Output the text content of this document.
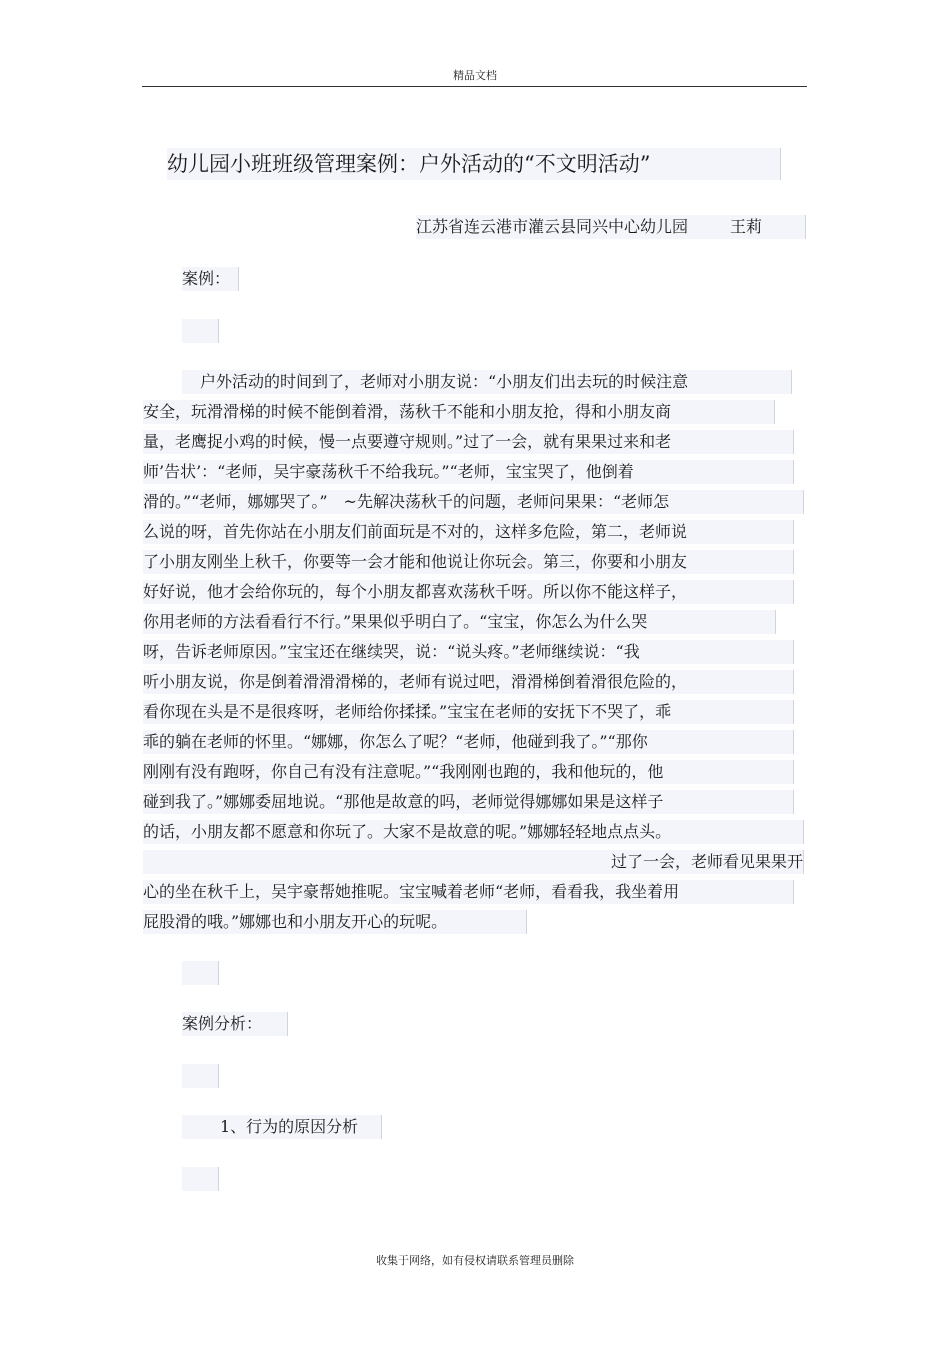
精品文档
幼儿园小班班级管理案例：户外活动的“不文明活动”
江苏省连云港市灌云县同兴中心幼儿园	王莉
案例：
户外活动的时间到了，老师对小朋友说：“小朋友们出去玩的时候注意
安全，玩滑滑梯的时候不能倒着滑，荡秋千不能和小朋友抢，得和小朋友商
量，老鹰捉小鸡的时候，慢一点要遵守规则。”过了一会，就有果果过来和老
师’告状’：“老师，吴宇豪荡秋千不给我玩。”“老师，宝宝哭了，他倒着
滑的。”“老师，娜娜哭了。”　~先解决荡秋千的问题，老师问果果：“老师怎
么说的呀，首先你站在小朋友们前面玩是不对的，这样多危险，第二，老师说
了小朋友刚坐上秋千，你要等一会才能和他说让你玩会。第三，你要和小朋友
好好说，他才会给你玩的，每个小朋友都喜欢荡秋千呀。所以你不能这样子，
你用老师的方法看看行不行。”果果似乎明白了。“宝宝，你怎么为什么哭
呀，告诉老师原因。”宝宝还在继续哭，说：“说头疼。”老师继续说：“我
听小朋友说，你是倒着滑滑滑梯的，老师有说过吧，滑滑梯倒着滑很危险的，
看你现在头是不是很疼呀，老师给你揉揉。”宝宝在老师的安抚下不哭了，乖
乖的躺在老师的怀里。“娜娜，你怎么了呢？“老师，他碰到我了。”“那你
刚刚有没有跑呀，你自己有没有注意呢。”“我刚刚也跑的，我和他玩的，他
碰到我了。”娜娜委屈地说。“那他是故意的吗，老师觉得娜娜如果是这样子
的话，小朋友都不愿意和你玩了。大家不是故意的呢。”娜娜轻轻地点点头。
过了一会，老师看见果果开
心的坐在秋千上，吴宇豪帮她推呢。宝宝喊着老师“老师，看看我，我坐着用
屁股滑的哦。”娜娜也和小朋友开心的玩呢。
案例分析：
1、行为的原因分析
收集于网络，如有侵权请联系管理员删除
